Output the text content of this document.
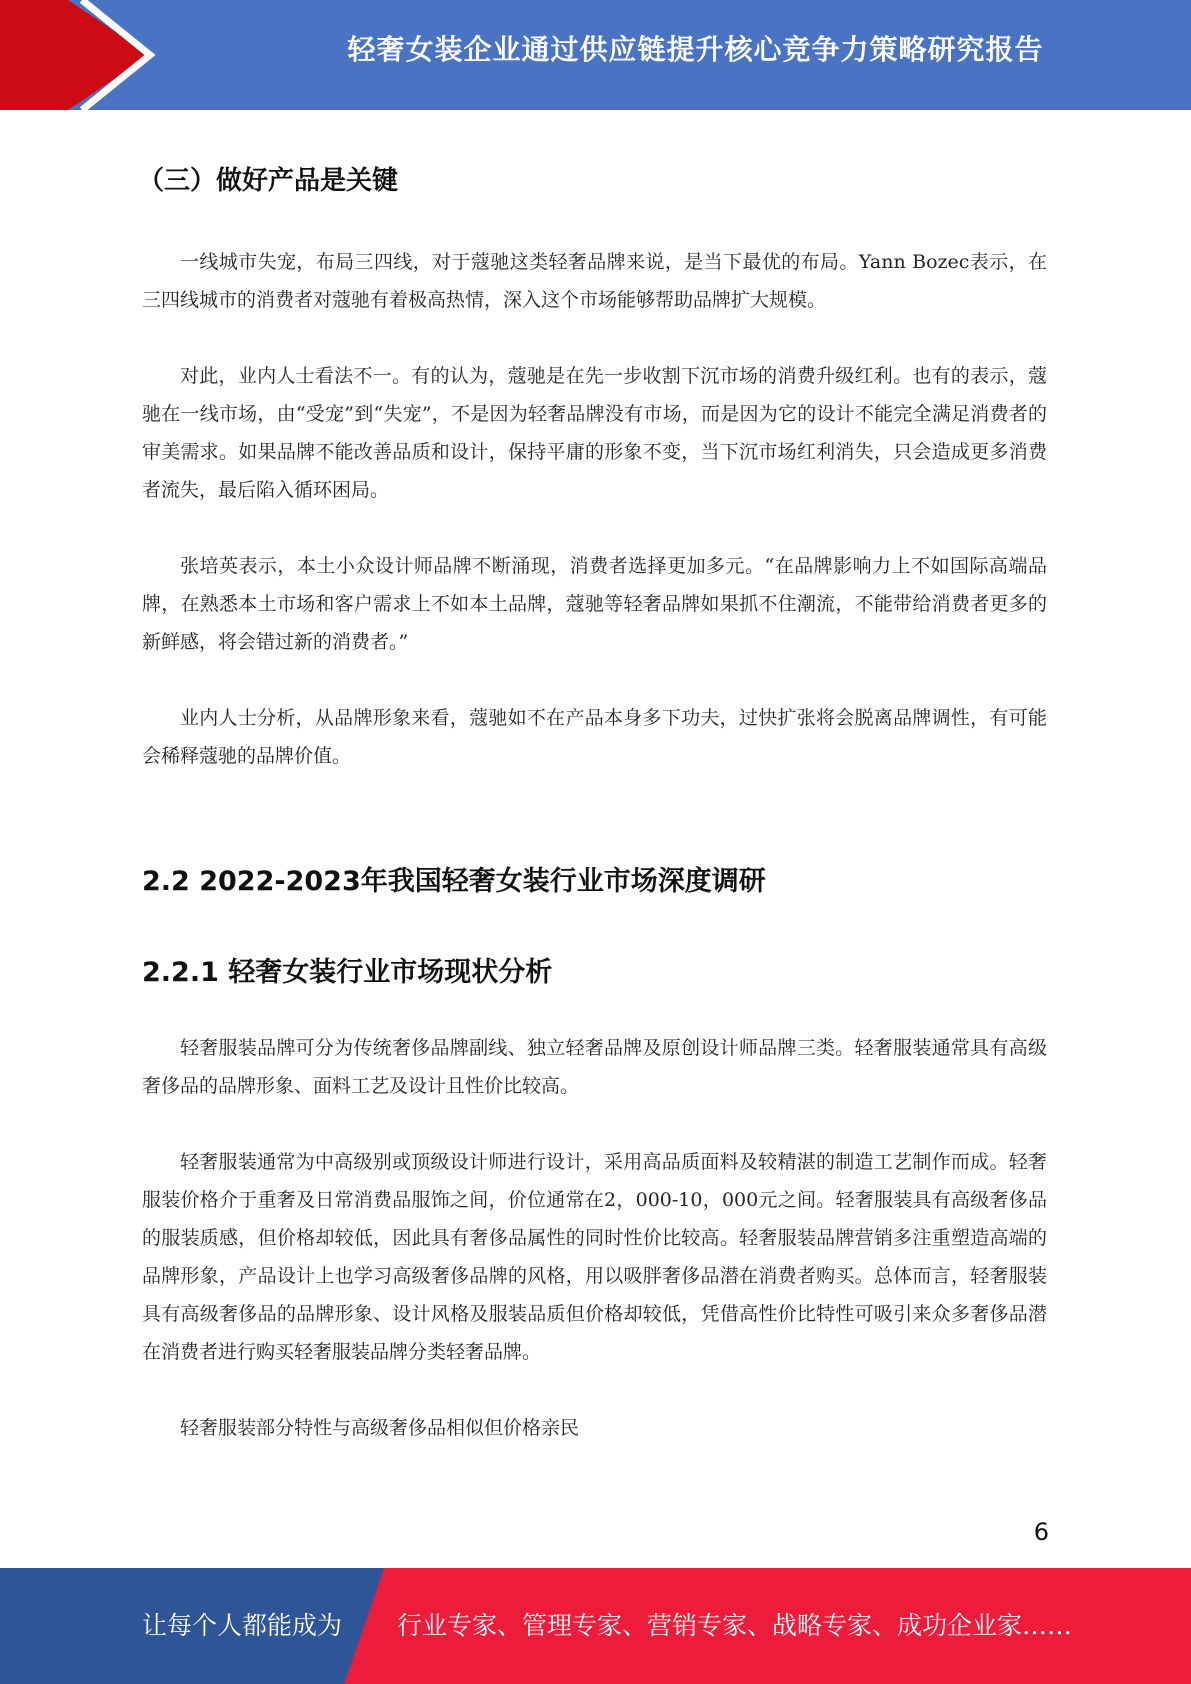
轻奢女装企业通过供应链提升核心竞争力策略研究报告
（三）做好产品是关键

一线城市失宠，布局三四线，对于蔻驰这类轻奢品牌来说，是当下最优的布局。Yann Bozec表示，在三四线城市的消费者对蔻驰有着极高热情，深入这个市场能够帮助品牌扩大规模。

对此，业内人士看法不一。有的认为，蔻驰是在先一步收割下沉市场的消费升级红利。也有的表示，蔻驰在一线市场，由“受宠”到“失宠”，不是因为轻奢品牌没有市场，而是因为它的设计不能完全满足消费者的审美需求。如果品牌不能改善品质和设计，保持平庸的形象不变，当下沉市场红利消失，只会造成更多消费者流失，最后陷入循环困局。

张培英表示，本土小众设计师品牌不断涌现，消费者选择更加多元。“在品牌影响力上不如国际高端品牌，在熟悉本土市场和客户需求上不如本土品牌，蔻驰等轻奢品牌如果抓不住潮流，不能带给消费者更多的新鲜感，将会错过新的消费者。”

业内人士分析，从品牌形象来看，蔻驰如不在产品本身多下功夫，过快扩张将会脱离品牌调性，有可能会稀释蔻驰的品牌价值。

2.2 2022-2023年我国轻奢女装行业市场深度调研
2.2.1 轻奢女装行业市场现状分析

轻奢服装品牌可分为传统奢侈品牌副线、独立轻奢品牌及原创设计师品牌三类。轻奢服装通常具有高级奢侈品的品牌形象、面料工艺及设计且性价比较高。

轻奢服装通常为中高级别或顶级设计师进行设计，采用高品质面料及较精湛的制造工艺制作而成。轻奢服装价格介于重奢及日常消费品服饰之间，价位通常在2，000-10，000元之间。轻奢服装具有高级奢侈品的服装质感，但价格却较低，因此具有奢侈品属性的同时性价比较高。轻奢服装品牌营销多注重塑造高端的品牌形象，产品设计上也学习高级奢侈品牌的风格，用以吸胖奢侈品潜在消费者购买。总体而言，轻奢服装具有高级奢侈品的品牌形象、设计风格及服装品质但价格却较低，凭借高性价比特性可吸引来众多奢侈品潜在消费者进行购买轻奢服装品牌分类轻奢品牌。

轻奢服装部分特性与高级奢侈品相似但价格亲民

6
让每个人都能成为 行业专家、管理专家、营销专家、战略专家、成功企业家……
